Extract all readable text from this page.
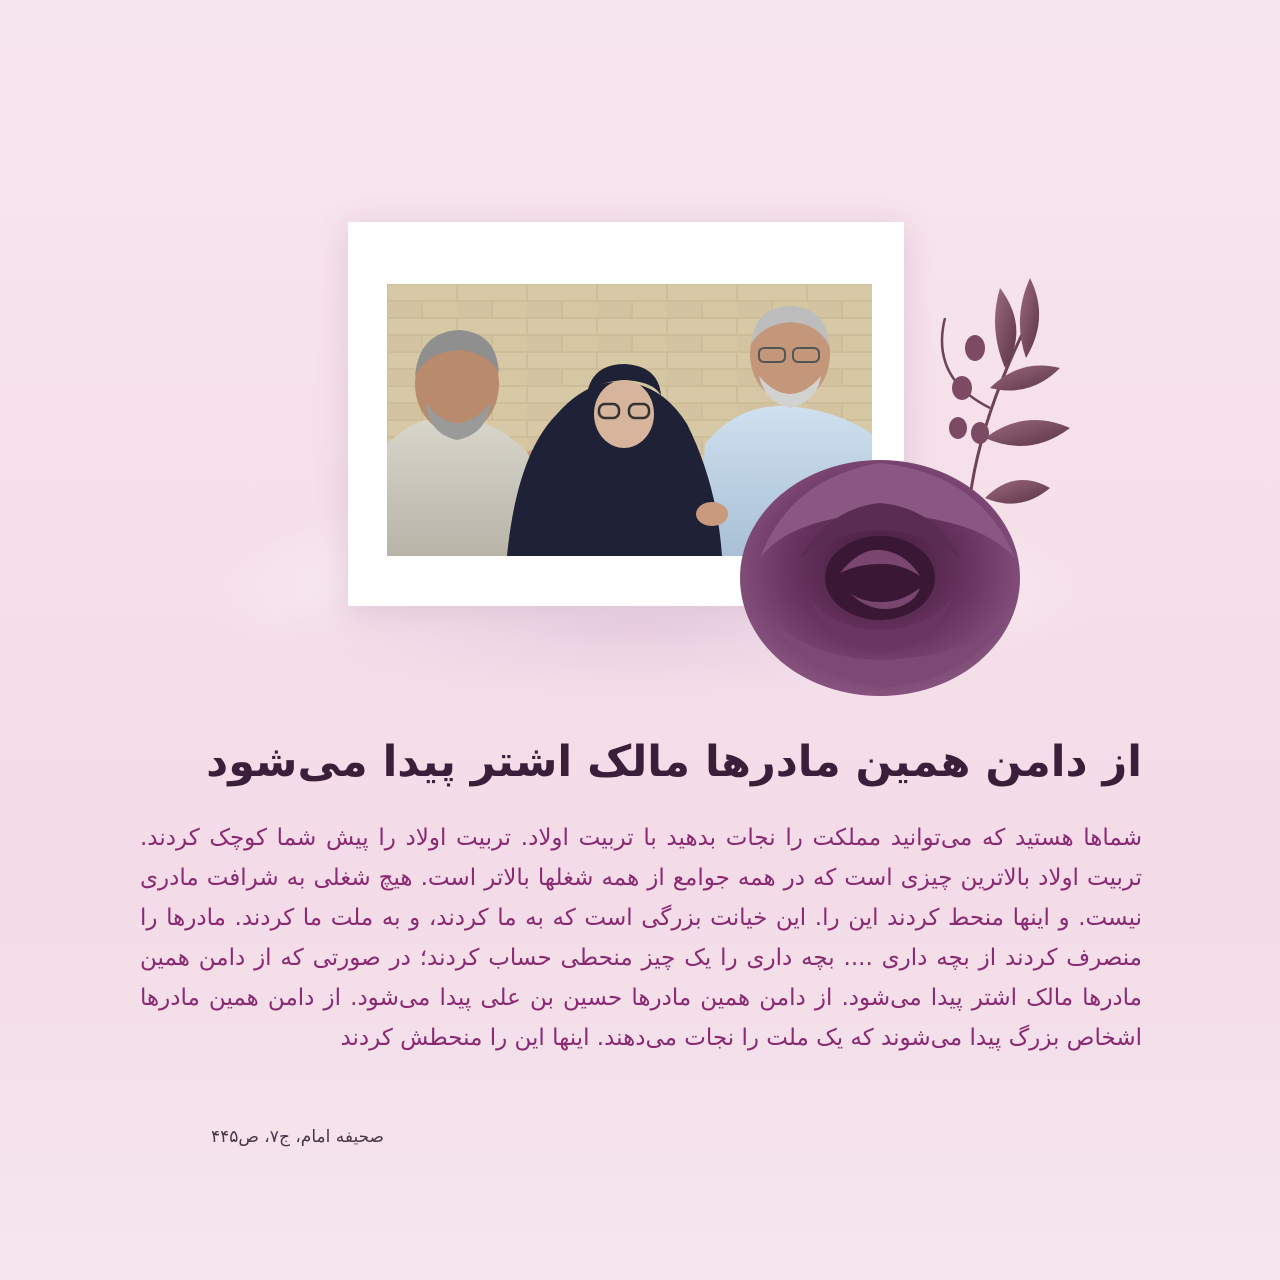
از دامن همین مادرها مالک اشتر پیدا می‌شود
شماها هستید که می‌توانید مملکت را نجات بدهید با تربیت اولاد. تربیت اولاد را پیش شما کوچک کردند. تربیت اولاد بالاترین چیزی است که در همه جوامع از همه شغلها بالاتر است. هیچ شغلی به شرافت مادری نیست. و اینها منحط کردند این را. این خیانت بزرگی است که به ما کردند، و به ملت ما کردند. مادرها را منصرف کردند از بچه داری .... بچه داری را یک چیز منحطی حساب کردند؛ در صورتی که از دامن همین مادرها مالک اشتر پیدا می‌شود. از دامن همین مادرها حسین بن علی پیدا می‌شود. از دامن همین مادرها اشخاص بزرگ پیدا می‌شوند که یک ملت را نجات می‌دهند. اینها این را منحطش کردند
صحیفه امام، ج۷، ص۴۴۵
